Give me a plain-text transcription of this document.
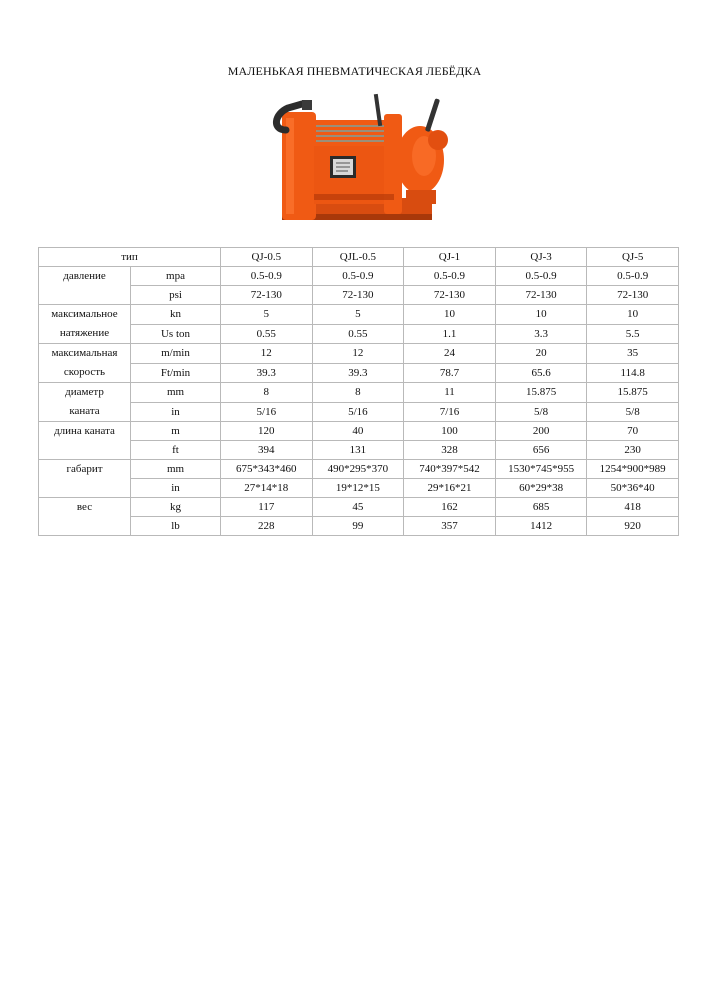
МАЛЕНЬКАЯ ПНЕВМАТИЧЕСКАЯ ЛЕБЁДКА
тип		QJ-0.5	QJL-0.5	QJ-1	QJ-3	QJ-5

давление	mpa	0.5-0.9	0.5-0.9	0.5-0.9	0.5-0.9	0.5-0.9
	psi	72-130	72-130	72-130	72-130	72-130

максимальное
натяжение	kn	5	5	10	10	10
	Us ton	0.55	0.55	1.1	3.3	5.5

максимальная
скорость	m/min	12	12	24	20	35
	Ft/min	39.3	39.3	78.7	65.6	114.8

диаметр
каната	mm	8	8	11	15.875	15.875
	in	5/16	5/16	7/16	5/8	5/8

длина каната	m	120	40	100	200	70
	ft	394	131	328	656	230

габарит	mm	675*343*460	490*295*370	740*397*542	1530*745*955	1254*900*989
	in	27*14*18	19*12*15	29*16*21	60*29*38	50*36*40

вес	kg	117	45	162	685	418
	lb	228	99	357	1412	920
